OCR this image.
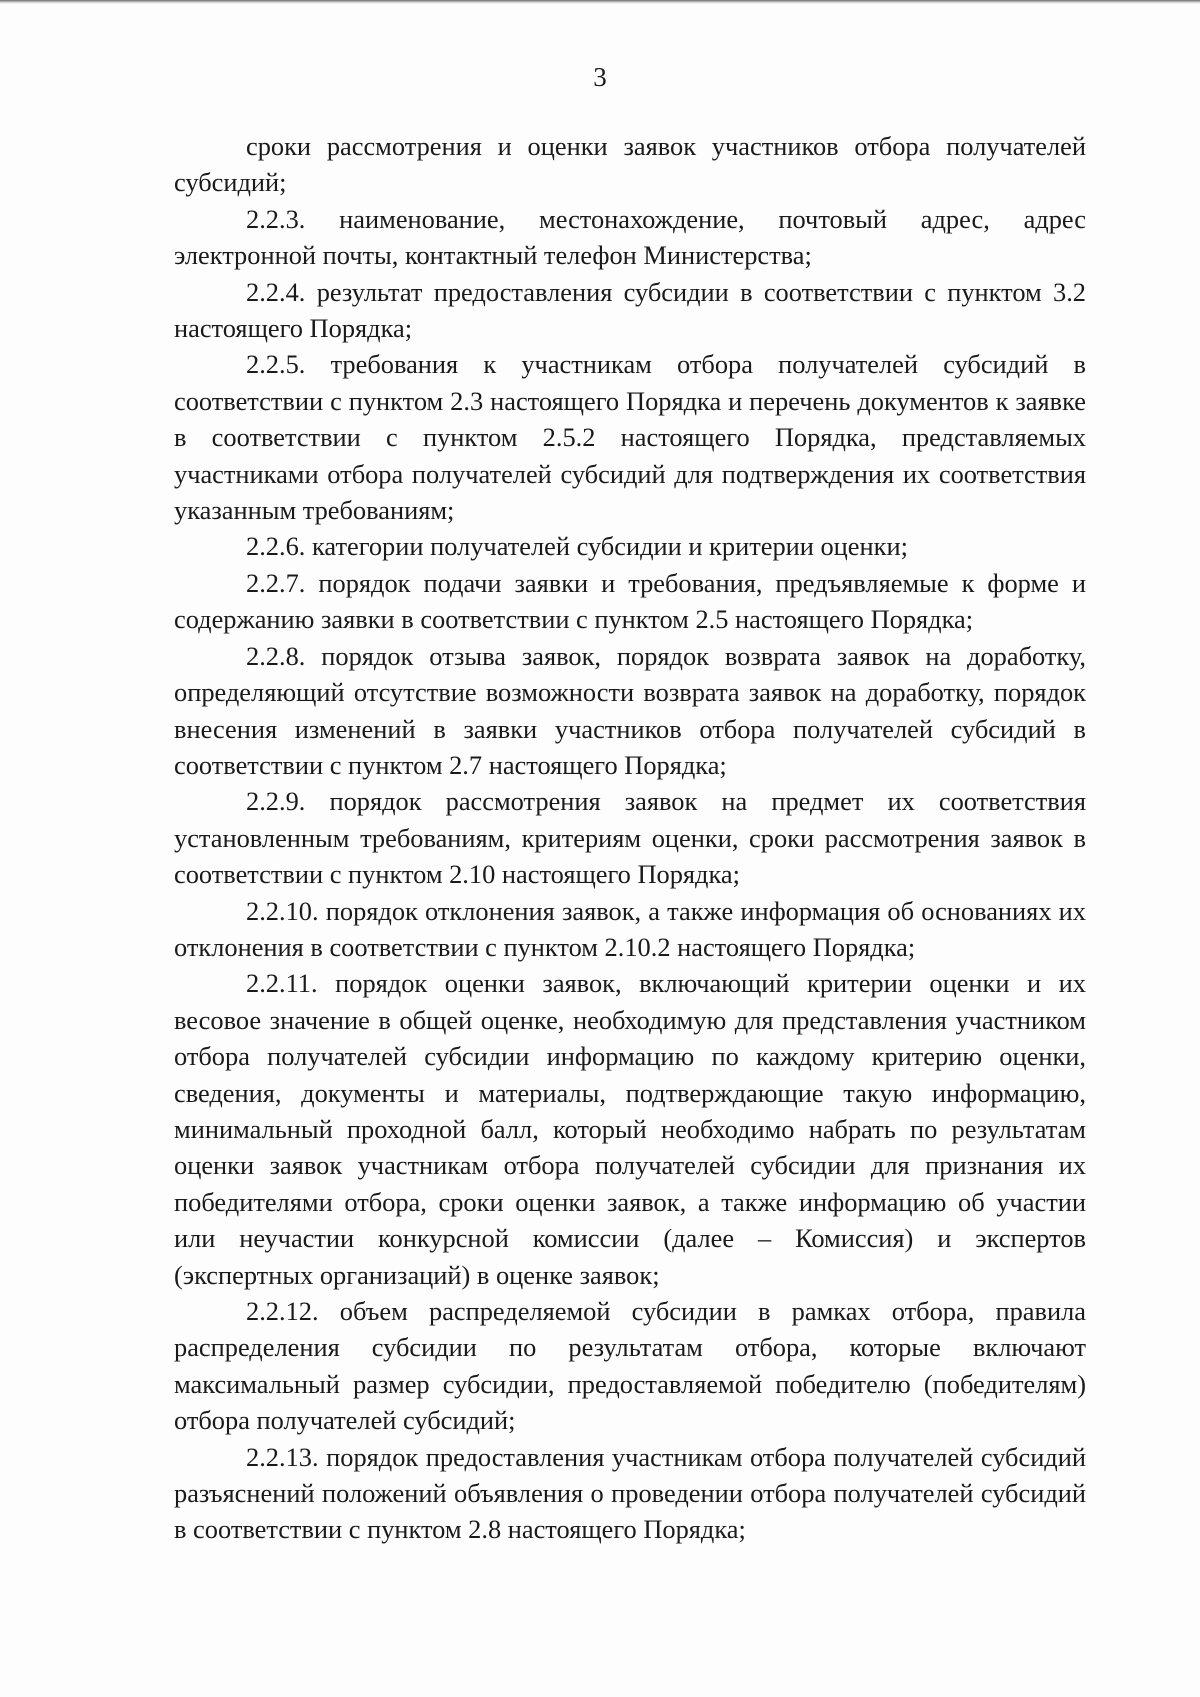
3

сроки рассмотрения и оценки заявок участников отбора получателей субсидий;

2.2.3. наименование, местонахождение, почтовый адрес, адрес электронной почты, контактный телефон Министерства;

2.2.4. результат предоставления субсидии в соответствии с пунктом 3.2 настоящего Порядка;

2.2.5. требования к участникам отбора получателей субсидий в соответствии с пунктом 2.3 настоящего Порядка и перечень документов к заявке в соответствии с пунктом 2.5.2 настоящего Порядка, представляемых участниками отбора получателей субсидий для подтверждения их соответствия указанным требованиям;

2.2.6. категории получателей субсидии и критерии оценки;

2.2.7. порядок подачи заявки и требования, предъявляемые к форме и содержанию заявки в соответствии с пунктом 2.5 настоящего Порядка;

2.2.8. порядок отзыва заявок, порядок возврата заявок на доработку, определяющий отсутствие возможности возврата заявок на доработку, порядок внесения изменений в заявки участников отбора получателей субсидий в соответствии с пунктом 2.7 настоящего Порядка;

2.2.9. порядок рассмотрения заявок на предмет их соответствия установленным требованиям, критериям оценки, сроки рассмотрения заявок в соответствии с пунктом 2.10 настоящего Порядка;

2.2.10. порядок отклонения заявок, а также информация об основаниях их отклонения в соответствии с пунктом 2.10.2 настоящего Порядка;

2.2.11. порядок оценки заявок, включающий критерии оценки и их весовое значение в общей оценке, необходимую для представления участником отбора получателей субсидии информацию по каждому критерию оценки, сведения, документы и материалы, подтверждающие такую информацию, минимальный проходной балл, который необходимо набрать по результатам оценки заявок участникам отбора получателей субсидии для признания их победителями отбора, сроки оценки заявок, а также информацию об участии или неучастии конкурсной комиссии (далее – Комиссия) и экспертов (экспертных организаций) в оценке заявок;

2.2.12. объем распределяемой субсидии в рамках отбора, правила распределения субсидии по результатам отбора, которые включают максимальный размер субсидии, предоставляемой победителю (победителям) отбора получателей субсидий;

2.2.13. порядок предоставления участникам отбора получателей субсидий разъяснений положений объявления о проведении отбора получателей субсидий в соответствии с пунктом 2.8 настоящего Порядка;
